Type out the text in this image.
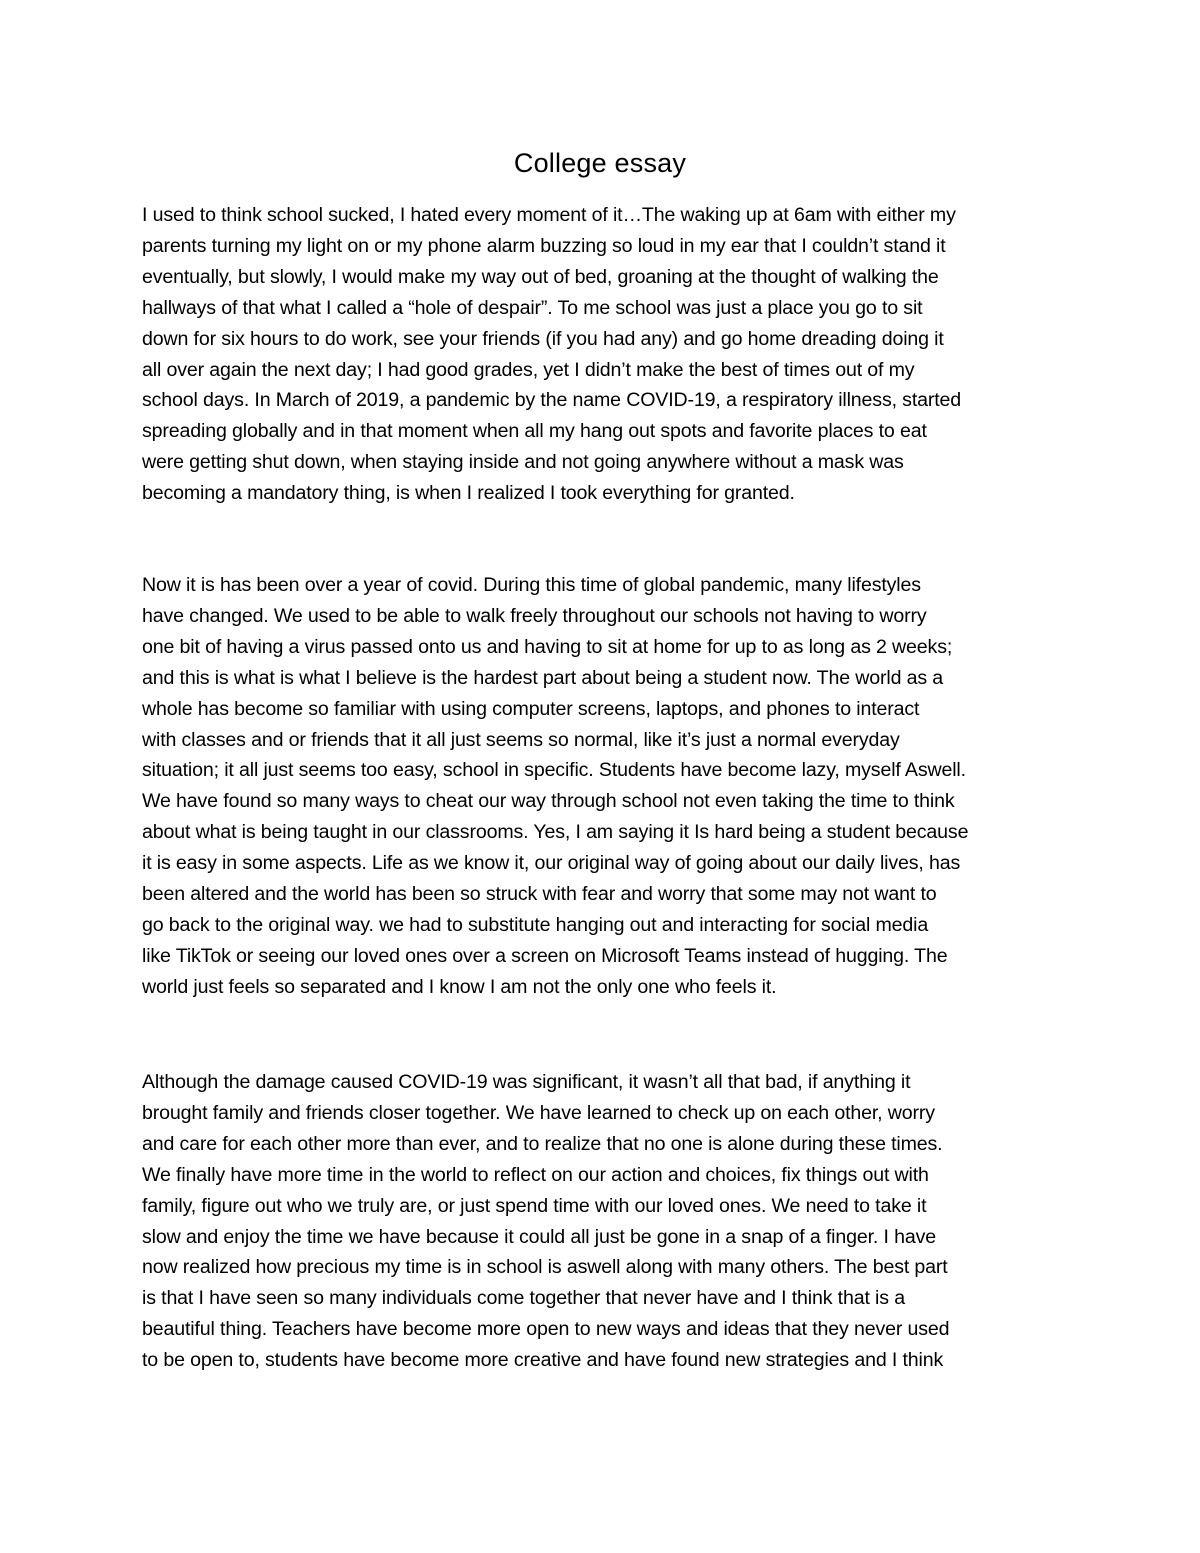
College essay
I used to think school sucked, I hated every moment of it…The waking up at 6am with either my
parents turning my light on or my phone alarm buzzing so loud in my ear that I couldn’t stand it
eventually, but slowly, I would make my way out of bed, groaning at the thought of walking the
hallways of that what I called a “hole of despair”. To me school was just a place you go to sit
down for six hours to do work, see your friends (if you had any) and go home dreading doing it
all over again the next day; I had good grades, yet I didn’t make the best of times out of my
school days. In March of 2019, a pandemic by the name COVID-19, a respiratory illness, started
spreading globally and in that moment when all my hang out spots and favorite places to eat
were getting shut down, when staying inside and not going anywhere without a mask was
becoming a mandatory thing, is when I realized I took everything for granted.
Now it is has been over a year of covid. During this time of global pandemic, many lifestyles
have changed. We used to be able to walk freely throughout our schools not having to worry
one bit of having a virus passed onto us and having to sit at home for up to as long as 2 weeks;
and this is what is what I believe is the hardest part about being a student now. The world as a
whole has become so familiar with using computer screens, laptops, and phones to interact
with classes and or friends that it all just seems so normal, like it’s just a normal everyday
situation; it all just seems too easy, school in specific. Students have become lazy, myself Aswell.
We have found so many ways to cheat our way through school not even taking the time to think
about what is being taught in our classrooms. Yes, I am saying it Is hard being a student because
it is easy in some aspects. Life as we know it, our original way of going about our daily lives, has
been altered and the world has been so struck with fear and worry that some may not want to
go back to the original way. we had to substitute hanging out and interacting for social media
like TikTok or seeing our loved ones over a screen on Microsoft Teams instead of hugging. The
world just feels so separated and I know I am not the only one who feels it.
Although the damage caused COVID-19 was significant, it wasn’t all that bad, if anything it
brought family and friends closer together. We have learned to check up on each other, worry
and care for each other more than ever, and to realize that no one is alone during these times.
We finally have more time in the world to reflect on our action and choices, fix things out with
family, figure out who we truly are, or just spend time with our loved ones. We need to take it
slow and enjoy the time we have because it could all just be gone in a snap of a finger. I have
now realized how precious my time is in school is aswell along with many others. The best part
is that I have seen so many individuals come together that never have and I think that is a
beautiful thing. Teachers have become more open to new ways and ideas that they never used
to be open to, students have become more creative and have found new strategies and I think
